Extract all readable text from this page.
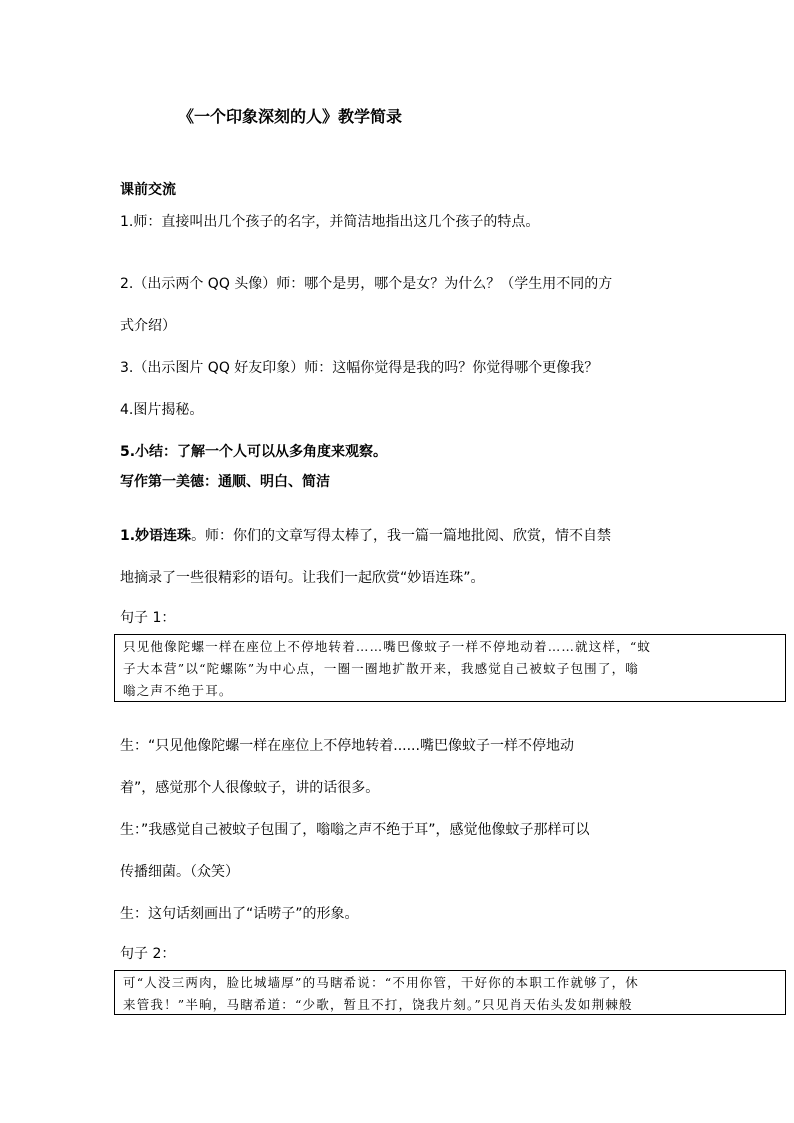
《一个印象深刻的人》教学简录
课前交流
1.师：直接叫出几个孩子的名字，并简洁地指出这几个孩子的特点。
2.（出示两个 QQ 头像）师：哪个是男，哪个是女？为什么？（学生用不同的方
式介绍）
3.（出示图片 QQ 好友印象）师：这幅你觉得是我的吗？你觉得哪个更像我？
4.图片揭秘。
5.小结：了解一个人可以从多角度来观察。
写作第一美德：通顺、明白、简洁
1.妙语连珠。师：你们的文章写得太棒了，我一篇一篇地批阅、欣赏，情不自禁
地摘录了一些很精彩的语句。让我们一起欣赏“妙语连珠”。
句子 1：
只见他像陀螺一样在座位上不停地转着……嘴巴像蚊子一样不停地动着……就这样，“蚊
子大本营”以“陀螺陈”为中心点，一圈一圈地扩散开来，我感觉自己被蚊子包围了，嗡
嗡之声不绝于耳。
生：“只见他像陀螺一样在座位上不停地转着......嘴巴像蚊子一样不停地动
着”，感觉那个人很像蚊子，讲的话很多。
生：”我感觉自己被蚊子包围了，嗡嗡之声不绝于耳”，感觉他像蚊子那样可以
传播细菌。（众笑）
生：这句话刻画出了“话唠子”的形象。
句子 2：
可“人没三两肉，脸比城墙厚”的马瞎希说：“不用你管，干好你的本职工作就够了，休
来管我！”半晌，马瞎希道：“少歌，暂且不打，饶我片刻。”只见肖天佑头发如荆棘般
